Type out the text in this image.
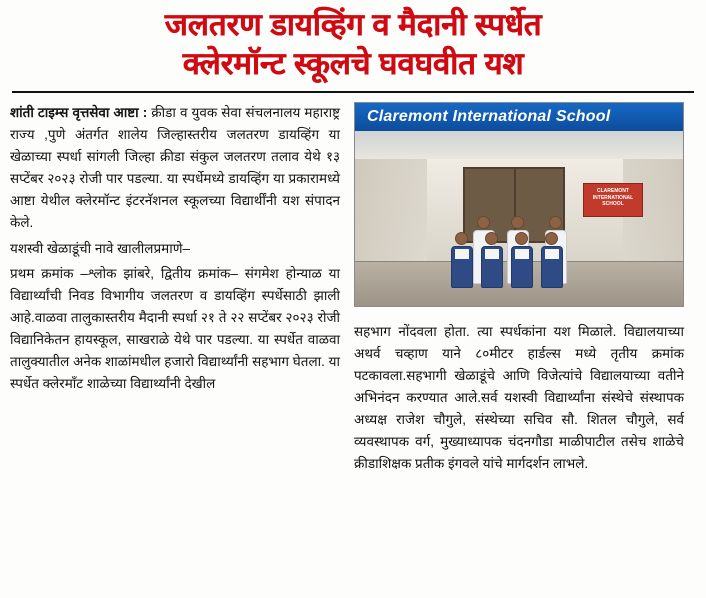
जलतरण डायव्हिंग व मैदानी स्पर्धेत
क्लेरमॉन्ट स्कूलचे घवघवीत यश

शांती टाइम्स वृत्तसेवा आष्टा : क्रीडा व युवक सेवा संचलनालय महाराष्ट्र राज्य ,पुणे अंतर्गत शालेय जिल्हास्तरीय जलतरण डायव्हिंग या खेळाच्या स्पर्धा सांगली जिल्हा क्रीडा संकुल जलतरण तलाव येथे १३ सप्टेंबर २०२३ रोजी पार पडल्या. या स्पर्धेमध्ये डायव्हिंग या प्रकारामध्ये आष्टा येथील क्लेरमॉन्ट इंटरनॅशनल स्कूलच्या विद्यार्थींनी यश संपादन केले.

यशस्वी खेळाडूंची नावे खालीलप्रमाणे–

प्रथम क्रमांक –श्लोक झांबरे, द्वितीय क्रमांक– संगमेश होन्याळ या विद्यार्थ्यांची निवड विभागीय जलतरण व डायव्हिंग स्पर्धेसाठी झाली आहे.वाळवा तालुकास्तरीय मैदानी स्पर्धा २१ ते २२ सप्टेंबर २०२३ रोजी विद्यानिकेतन हायस्कूल, साखराळे येथे पार पडल्या. या स्पर्धेत वाळवा तालुक्यातील अनेक शाळांमधील हजारो विद्यार्थ्यांनी सहभाग घेतला. या स्पर्धेत क्लेरमॉंट शाळेच्या विद्यार्थ्यांनी देखील

Claremont International School
CLAREMONT INTERNATIONAL SCHOOL
सहभाग नोंदवला होता. त्या स्पर्धकांना यश मिळाले. विद्यालयाच्या अथर्व चव्हाण याने ८०मीटर हार्डल्स मध्ये तृतीय क्रमांक पटकावला.सहभागी खेळाडूंचे आणि विजेत्यांचे विद्यालयाच्या वतीने अभिनंदन करण्यात आले.सर्व यशस्वी विद्यार्थ्यांना संस्थेचे संस्थापक अध्यक्ष राजेश चौगुले, संस्थेच्या सचिव सौ. शितल चौगुले, सर्व व्यवस्थापक वर्ग, मुख्याध्यापक चंदनगौडा माळीपाटील तसेच शाळेचे क्रीडाशिक्षक प्रतीक इंगवले यांचे मार्गदर्शन लाभले.
